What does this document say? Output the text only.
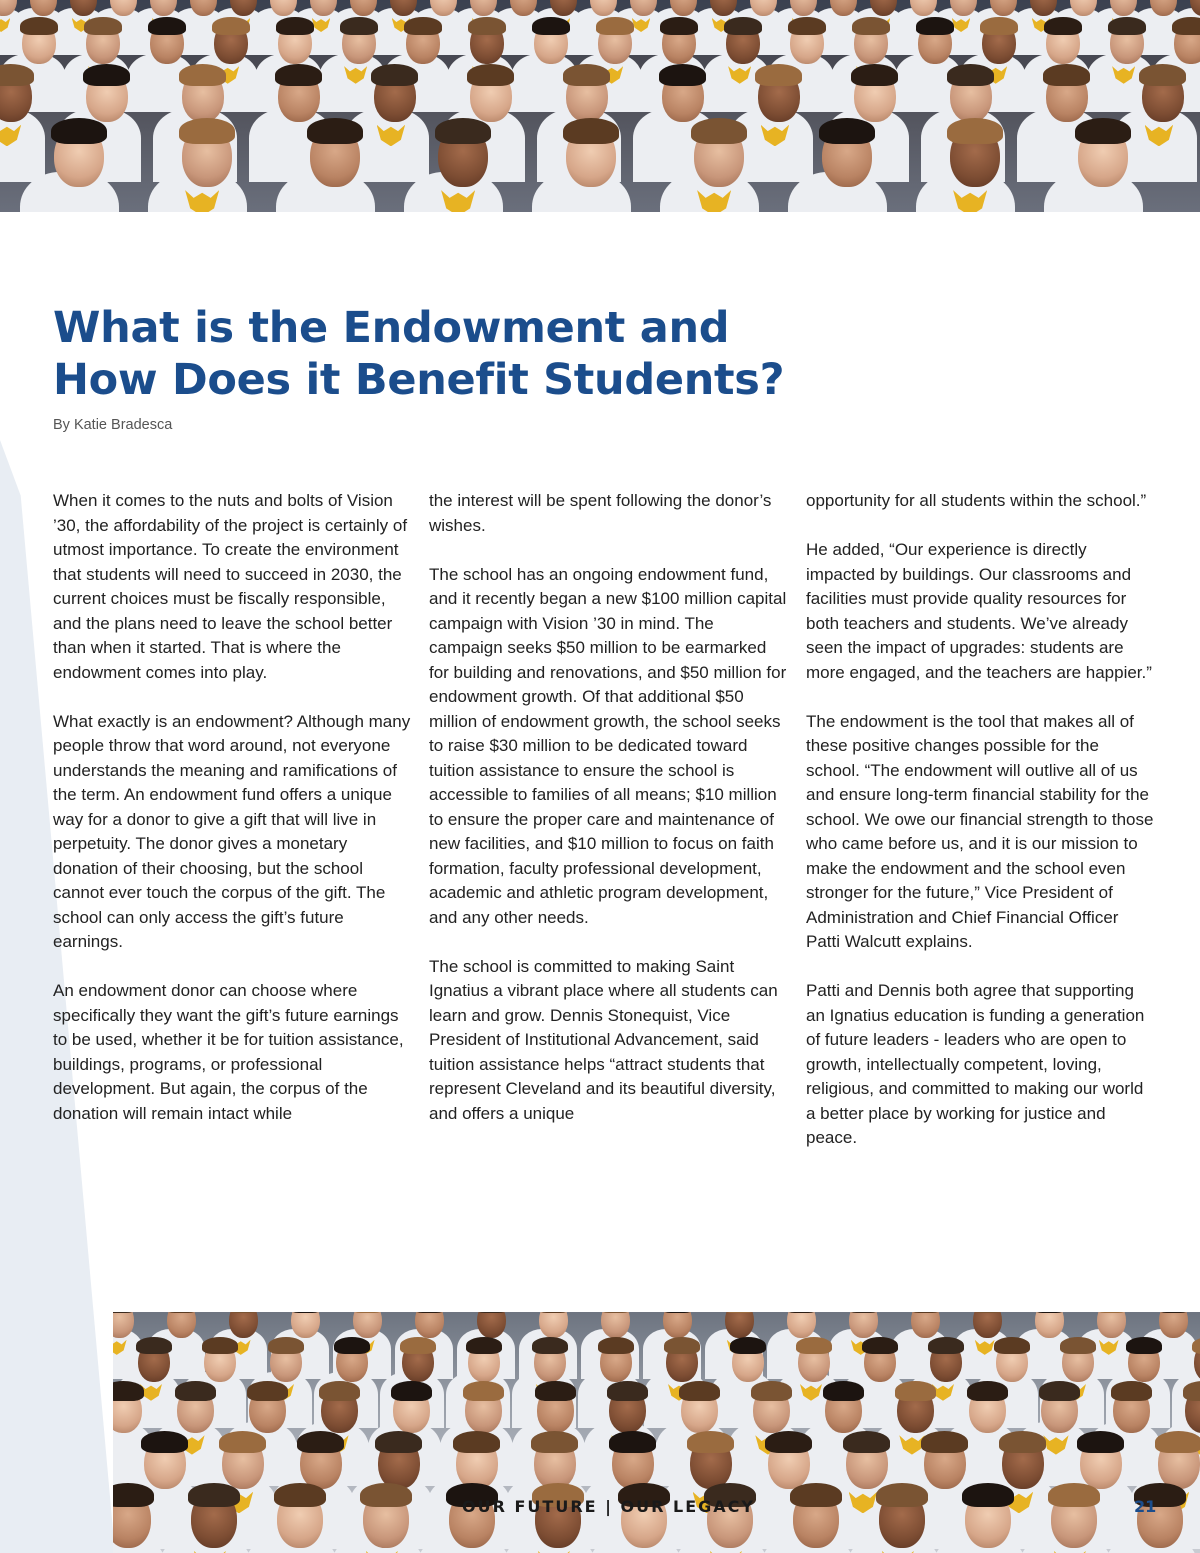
What is the Endowment and
How Does it Benefit Students?

By Katie Bradesca

When it comes to the nuts and bolts of Vision ’30, the affordability of the project is certainly of utmost importance. To create the environment that students will need to succeed in 2030, the current choices must be fiscally responsible, and the plans need to leave the school better than when it started. That is where the endowment comes into play.

What exactly is an endowment? Although many people throw that word around, not everyone understands the meaning and ramifications of the term. An endowment fund offers a unique way for a donor to give a gift that will live in perpetuity. The donor gives a monetary donation of their choosing, but the school cannot ever touch the corpus of the gift. The school can only access the gift’s future earnings.

An endowment donor can choose where specifically they want the gift’s future earnings to be used, whether it be for tuition assistance, buildings, programs, or professional development. But again, the corpus of the donation will remain intact while

the interest will be spent following the donor’s wishes.

The school has an ongoing endowment fund, and it recently began a new $100 million capital campaign with Vision ’30 in mind. The campaign seeks $50 million to be earmarked for building and renovations, and $50 million for endowment growth. Of that additional $50 million of endowment growth, the school seeks to raise $30 million to be dedicated toward tuition assistance to ensure the school is accessible to families of all means; $10 million to ensure the proper care and maintenance of new facilities, and $10 million to focus on faith formation, faculty professional development, academic and athletic program development, and any other needs.

The school is committed to making Saint Ignatius a vibrant place where all students can learn and grow. Dennis Stonequist, Vice President of Institutional Advancement, said tuition assistance helps “attract students that represent Cleveland and its beautiful diversity, and offers a unique

opportunity for all students within the school.”

He added, “Our experience is directly impacted by buildings. Our classrooms and facilities must provide quality resources for both teachers and students. We’ve already seen the impact of upgrades: students are more engaged, and the teachers are happier.”

The endowment is the tool that makes all of these positive changes possible for the school. “The endowment will outlive all of us and ensure long-term financial stability for the school. We owe our financial strength to those who came before us, and it is our mission to make the endowment and the school even stronger for the future,” Vice President of Administration and Chief Financial Officer Patti Walcutt explains.

Patti and Dennis both agree that supporting an Ignatius education is funding a generation of future leaders - leaders who are open to growth, intellectually competent, loving, religious, and committed to making our world a better place by working for justice and peace.

OUR FUTURE | OUR LEGACY	21
